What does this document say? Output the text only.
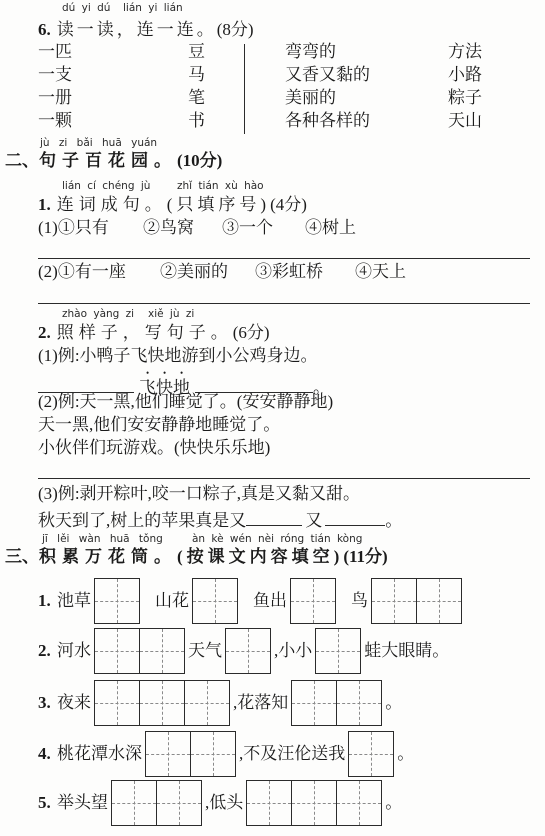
dú yi dú lián yi lián
6. 读一读，连一连。 (8分)
一匹	豆
一支	马
一册	笔
一颗	书
弯弯的	方法
又香又黏的	小路
美丽的	粽子
各种各样的	天山
jù zi bǎi huā yuán
二、 句子百花园。 (10分)
lián cí chéng jù	zhǐ tián xù hào
1. 连词成句。 (只填序号) (4分)
(1) ①只有 ②鸟窝 ③一个 ④树上
(2) ①有一座 ②美丽的 ③彩虹桥 ④天上
zhào yàng zi xiě jù zi
2. 照样子，写句子。 (6分)
(1)例:小鸭子飞快地游到小公鸡身边。
飞快地	。
(2)例:天一黑,他们睡觉了。(安安静静地)
天一黑,他们安安静静地睡觉了。
小伙伴们玩游戏。(快快乐乐地)
(3)例:剥开粽叶,咬一口粽子,真是又黏又甜。
秋天到了,树上的苹果真是又	又	。
jī lěi wàn huā tǒng	àn kè wén nèi róng tián kòng
三、 积累万花筒。 (按课文内容填空) (11分)
1. 池草	山花	鱼出	鸟
2. 河水	天气	,小小	蛙大眼睛。
3. 夜来	,花落知	。
4. 桃花潭水深	,不及汪伦送我	。
5. 举头望	,低头	。
